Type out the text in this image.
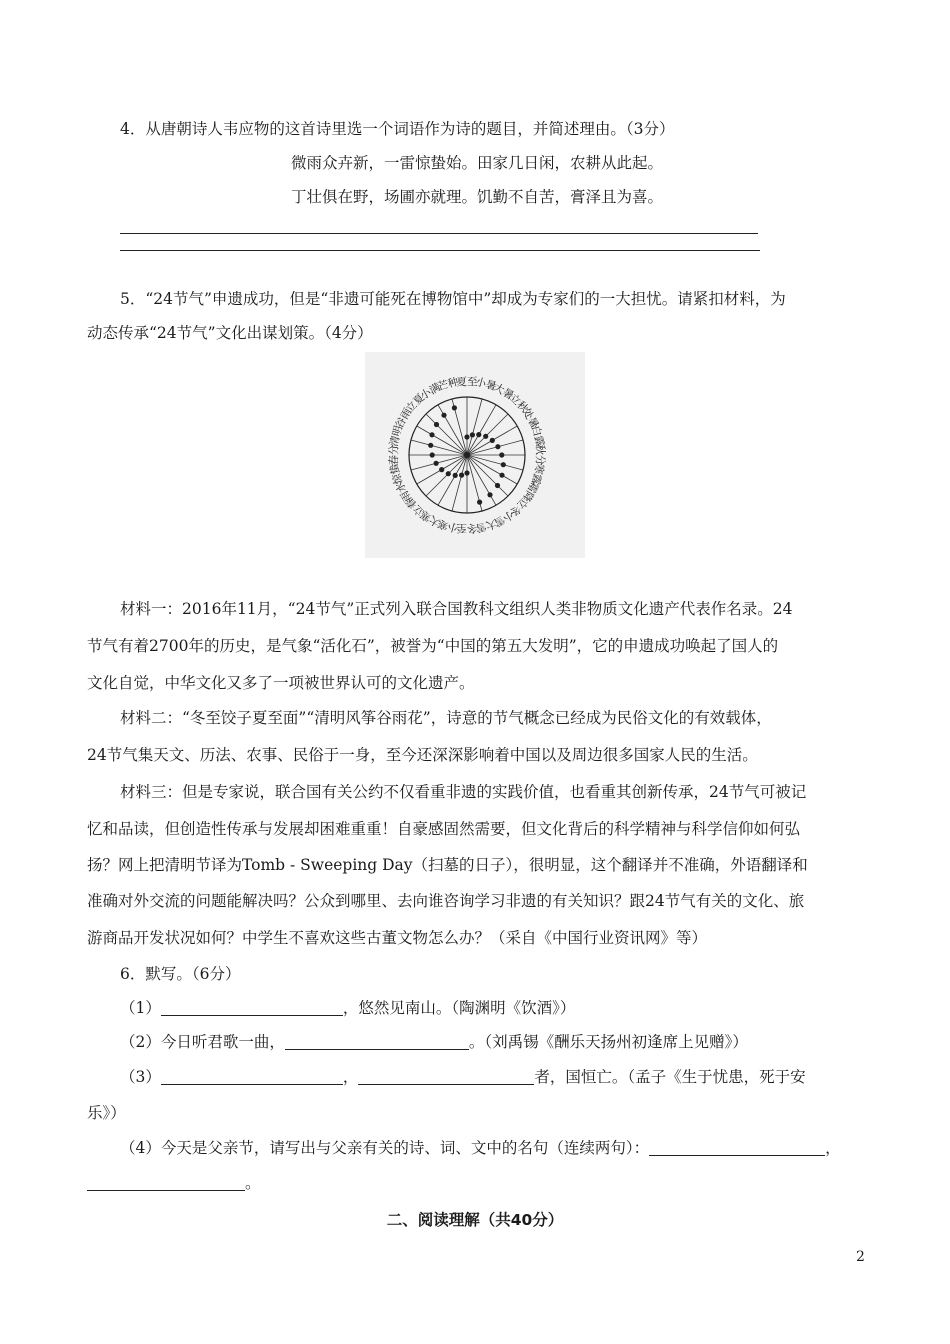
4．从唐朝诗人韦应物的这首诗里选一个词语作为诗的题目，并简述理由。（3分）
微雨众卉新，一雷惊蛰始。田家几日闲，农耕从此起。
丁壮俱在野，场圃亦就理。饥勤不自苦，膏泽且为喜。
5．“24节气”申遗成功，但是“非遗可能死在博物馆中”却成为专家们的一大担忧。请紧扣材料，为
动态传承“24节气”文化出谋划策。（4分）
夏至
小暑
大暑
立秋
处暑
白露
秋分
寒露
霜降
立冬
小雪
大雪
冬至
小寒
大寒
立春
雨水
惊蛰
春分
清明
谷雨
立夏
小满
芒种
材料一：2016年11月，“24节气”正式列入联合国教科文组织人类非物质文化遗产代表作名录。24
节气有着2700年的历史，是气象“活化石”，被誉为“中国的第五大发明”，它的申遗成功唤起了国人的
文化自觉，中华文化又多了一项被世界认可的文化遗产。
材料二：“冬至饺子夏至面”“清明风筝谷雨花”，诗意的节气概念已经成为民俗文化的有效载体，
24节气集天文、历法、农事、民俗于一身，至今还深深影响着中国以及周边很多国家人民的生活。
材料三：但是专家说，联合国有关公约不仅看重非遗的实践价值，也看重其创新传承，24节气可被记
忆和品读，但创造性传承与发展却困难重重！自豪感固然需要，但文化背后的科学精神与科学信仰如何弘
扬？网上把清明节译为Tomb - Sweeping Day（扫墓的日子），很明显，这个翻译并不准确，外语翻译和
准确对外交流的问题能解决吗？公众到哪里、去向谁咨询学习非遗的有关知识？跟24节气有关的文化、旅
游商品开发状况如何？中学生不喜欢这些古董文物怎么办？（采自《中国行业资讯网》等）
6．默写。（6分）
（1）	，悠然见南山。（陶渊明《饮酒》）
（2）今日听君歌一曲，	。（刘禹锡《酬乐天扬州初逢席上见赠》）
（3）	，	者，国恒亡。（孟子《生于忧患，死于安
乐》）
（4）今天是父亲节，请写出与父亲有关的诗、词、文中的名句（连续两句）：	，
。
二、阅读理解（共40分）
2
